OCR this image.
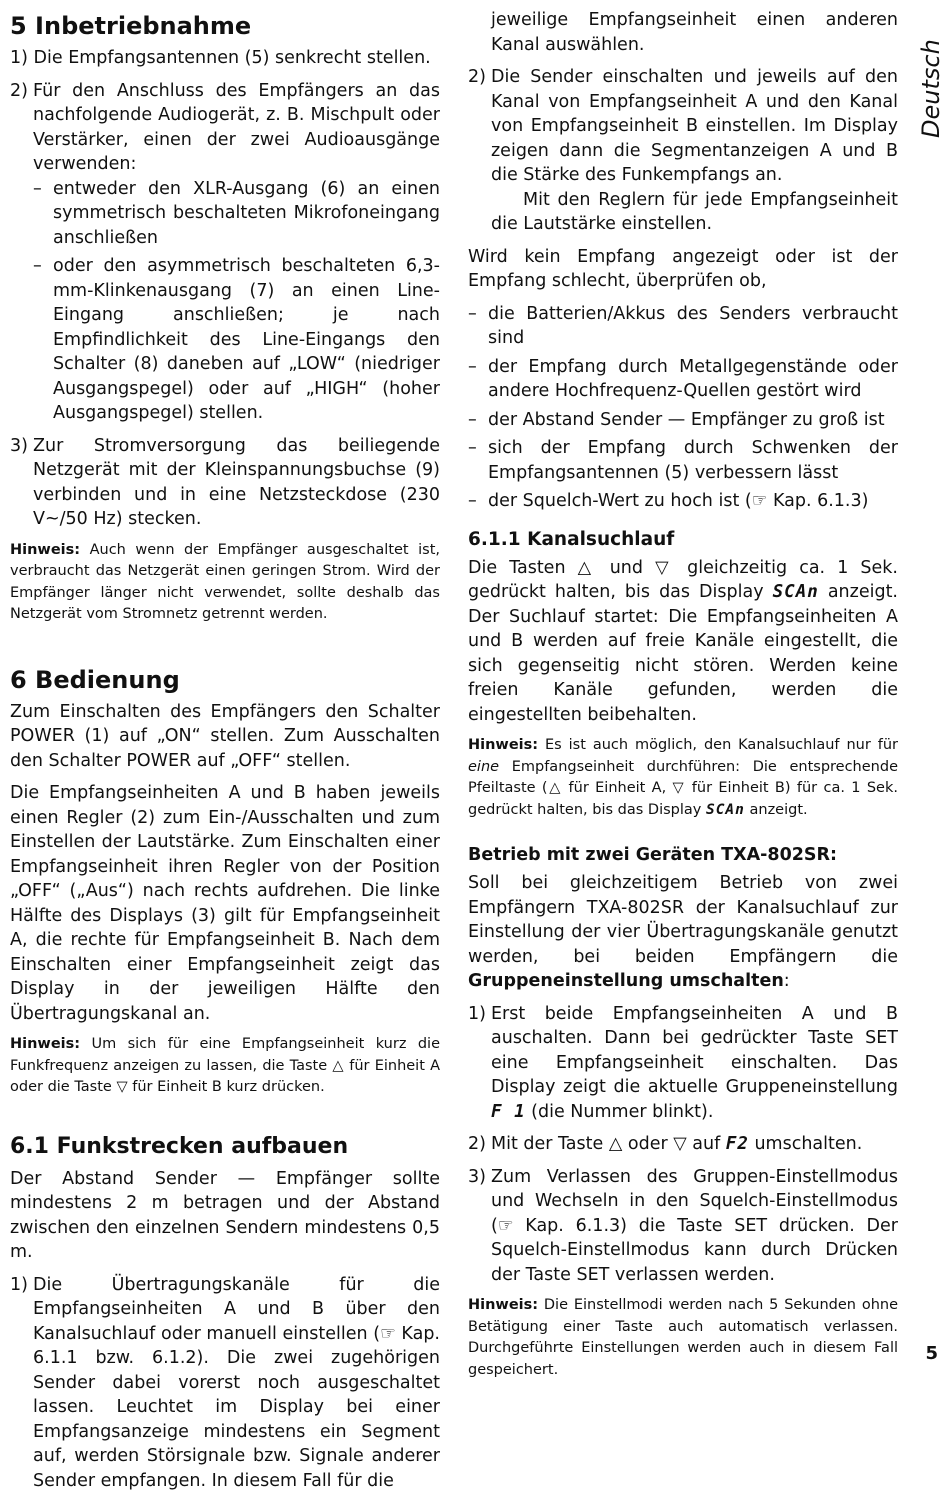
Deutsch
5 Inbetriebnahme

1) Die Empfangsantennen (5) senkrecht stellen.

2) Für den Anschluss des Empfängers an das nachfolgende Audiogerät, z. B. Mischpult oder Verstärker, einen der zwei Audioausgänge verwenden:
– entweder den XLR-Ausgang (6) an einen symmetrisch beschalteten Mikrofoneingang anschließen
– oder den asymmetrisch beschalteten 6,3-mm-Klinkenausgang (7) an einen Line-Eingang anschließen; je nach Empfindlichkeit des Line-Eingangs den Schalter (8) daneben auf „LOW“ (niedriger Ausgangspegel) oder auf „HIGH“ (hoher Ausgangspegel) stellen.
3) Zur Stromversorgung das beiliegende Netzgerät mit der Kleinspannungsbuchse (9) verbinden und in eine Netzsteckdose (230 V~/50 Hz) stecken.

Hinweis: Auch wenn der Empfänger ausgeschaltet ist, verbraucht das Netzgerät einen geringen Strom. Wird der Empfänger länger nicht verwendet, sollte deshalb das Netzgerät vom Stromnetz getrennt werden.

6 Bedienung

Zum Einschalten des Empfängers den Schalter POWER (1) auf „ON“ stellen. Zum Ausschalten den Schalter POWER auf „OFF“ stellen.

Die Empfangseinheiten A und B haben jeweils einen Regler (2) zum Ein-/Ausschalten und zum Einstellen der Lautstärke. Zum Einschalten einer Empfangseinheit ihren Regler von der Position „OFF“ („Aus“) nach rechts aufdrehen. Die linke Hälfte des Displays (3) gilt für Empfangseinheit A, die rechte für Empfangseinheit B. Nach dem Einschalten einer Empfangseinheit zeigt das Display in der jeweiligen Hälfte den Übertragungskanal an.

Hinweis: Um sich für eine Empfangseinheit kurz die Funkfrequenz anzeigen zu lassen, die Taste △ für Einheit A oder die Taste ▽ für Einheit B kurz drücken.

6.1 Funkstrecken aufbauen

Der Abstand Sender — Empfänger sollte mindestens 2 m betragen und der Abstand zwischen den einzelnen Sendern mindestens 0,5 m.

1) Die Übertragungskanäle für die Empfangseinheiten A und B über den Kanalsuchlauf oder manuell einstellen (☞ Kap. 6.1.1 bzw. 6.1.2). Die zwei zugehörigen Sender dabei vorerst noch ausgeschaltet lassen. Leuchtet im Display bei einer Empfangsanzeige mindestens ein Segment auf, werden Störsignale bzw. Signale anderer Sender empfangen. In diesem Fall für die

jeweilige Empfangseinheit einen anderen Kanal auswählen.

2) Die Sender einschalten und jeweils auf den Kanal von Empfangseinheit A und den Kanal von Empfangseinheit B einstellen. Im Display zeigen dann die Segmentanzeigen A und B die Stärke des Funkempfangs an.

Mit den Reglern für jede Empfangseinheit die Lautstärke einstellen.

Wird kein Empfang angezeigt oder ist der Empfang schlecht, überprüfen ob,

– die Batterien/Akkus des Senders verbraucht sind
– der Empfang durch Metallgegenstände oder andere Hochfrequenz-Quellen gestört wird
– der Abstand Sender — Empfänger zu groß ist
– sich der Empfang durch Schwenken der Empfangsantennen (5) verbessern lässt
– der Squelch-Wert zu hoch ist (☞ Kap. 6.1.3)
6.1.1 Kanalsuchlauf

Die Tasten △ und ▽ gleichzeitig ca. 1 Sek. gedrückt halten, bis das Display SCAn anzeigt. Der Suchlauf startet: Die Empfangseinheiten A und B werden auf freie Kanäle eingestellt, die sich gegenseitig nicht stören. Werden keine freien Kanäle gefunden, werden die eingestellten beibehalten.

Hinweis: Es ist auch möglich, den Kanalsuchlauf nur für eine Empfangseinheit durchführen: Die entsprechende Pfeiltaste (△ für Einheit A, ▽ für Einheit B) für ca. 1 Sek. gedrückt halten, bis das Display SCAn anzeigt.

Betrieb mit zwei Geräten TXA-802SR:

Soll bei gleichzeitigem Betrieb von zwei Empfängern TXA-802SR der Kanalsuchlauf zur Einstellung der vier Übertragungskanäle genutzt werden, bei beiden Empfängern die Gruppeneinstellung umschalten:

1) Erst beide Empfangseinheiten A und B auschalten. Dann bei gedrückter Taste SET eine Empfangseinheit einschalten. Das Display zeigt die aktuelle Gruppeneinstellung F 1 (die Nummer blinkt).
2) Mit der Taste △ oder ▽ auf F2 umschalten.
3) Zum Verlassen des Gruppen-Einstellmodus und Wechseln in den Squelch-Einstellmodus (☞ Kap. 6.1.3) die Taste SET drücken. Der Squelch-Einstellmodus kann durch Drücken der Taste SET verlassen werden.

Hinweis: Die Einstellmodi werden nach 5 Sekunden ohne Betätigung einer Taste auch automatisch verlassen. Durchgeführte Einstellungen werden auch in diesem Fall gespeichert.

5
